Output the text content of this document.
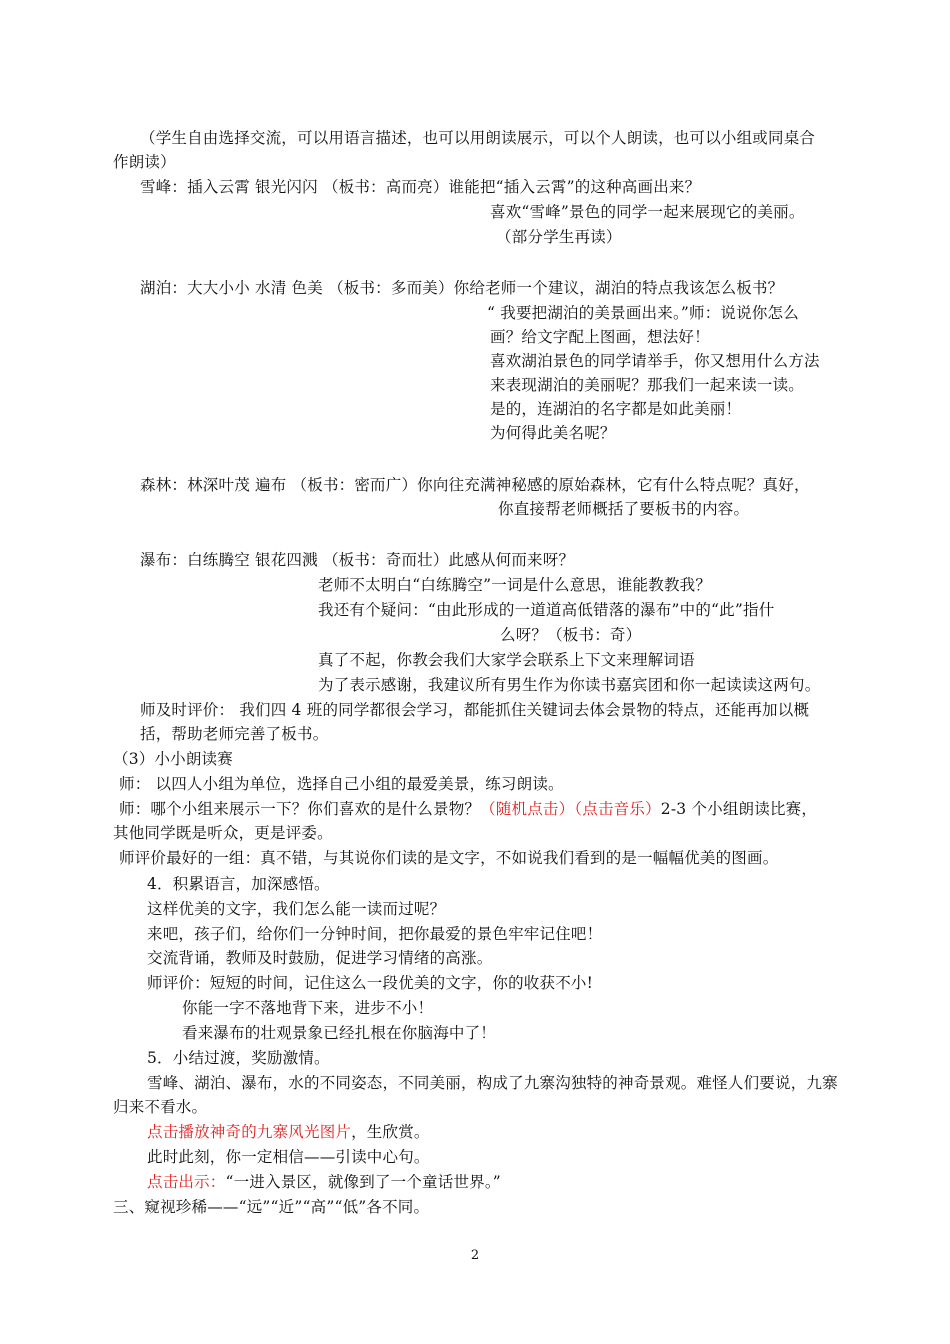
（学生自由选择交流，可以用语言描述，也可以用朗读展示，可以个人朗读，也可以小组或同桌合
作朗读）
雪峰：插入云霄 银光闪闪 （板书：高而亮）谁能把“插入云霄”的这种高画出来？
喜欢“雪峰”景色的同学一起来展现它的美丽。
（部分学生再读）
湖泊：大大小小 水清 色美 （板书：多而美）你给老师一个建议，湖泊的特点我该怎么板书？
“ 我要把湖泊的美景画出来。”师：说说你怎么
画？给文字配上图画，想法好！
喜欢湖泊景色的同学请举手，你又想用什么方法
来表现湖泊的美丽呢？那我们一起来读一读。
是的，连湖泊的名字都是如此美丽！
为何得此美名呢？
森林：林深叶茂 遍布 （板书：密而广）你向往充满神秘感的原始森林，它有什么特点呢？真好，
你直接帮老师概括了要板书的内容。
瀑布：白练腾空 银花四溅 （板书：奇而壮）此感从何而来呀？
老师不太明白“白练腾空”一词是什么意思，谁能教教我？
我还有个疑问：“由此形成的一道道高低错落的瀑布”中的“此”指什
么呀？（板书：奇）
真了不起，你教会我们大家学会联系上下文来理解词语
为了表示感谢，我建议所有男生作为你读书嘉宾团和你一起读读这两句。
师及时评价： 我们四 4 班的同学都很会学习，都能抓住关键词去体会景物的特点，还能再加以概
括，帮助老师完善了板书。
（3）小小朗读赛
师： 以四人小组为单位，选择自己小组的最爱美景，练习朗读。
师：哪个小组来展示一下？你们喜欢的是什么景物？（随机点击）（点击音乐）2-3 个小组朗读比赛，
其他同学既是听众，更是评委。
师评价最好的一组：真不错，与其说你们读的是文字，不如说我们看到的是一幅幅优美的图画。
4．积累语言，加深感悟。
这样优美的文字，我们怎么能一读而过呢？
来吧，孩子们，给你们一分钟时间，把你最爱的景色牢牢记住吧！
交流背诵，教师及时鼓励，促进学习情绪的高涨。
师评价：短短的时间，记住这么一段优美的文字，你的收获不小!
你能一字不落地背下来，进步不小！
看来瀑布的壮观景象已经扎根在你脑海中了！
5．小结过渡，奖励激情。
雪峰、湖泊、瀑布，水的不同姿态，不同美丽，构成了九寨沟独特的神奇景观。难怪人们要说，九寨
归来不看水。
点击播放神奇的九寨风光图片，生欣赏。
此时此刻，你一定相信——引读中心句。
点击出示：“一进入景区，就像到了一个童话世界。”
三、窥视珍稀——“远”“近”“高”“低”各不同。
2
